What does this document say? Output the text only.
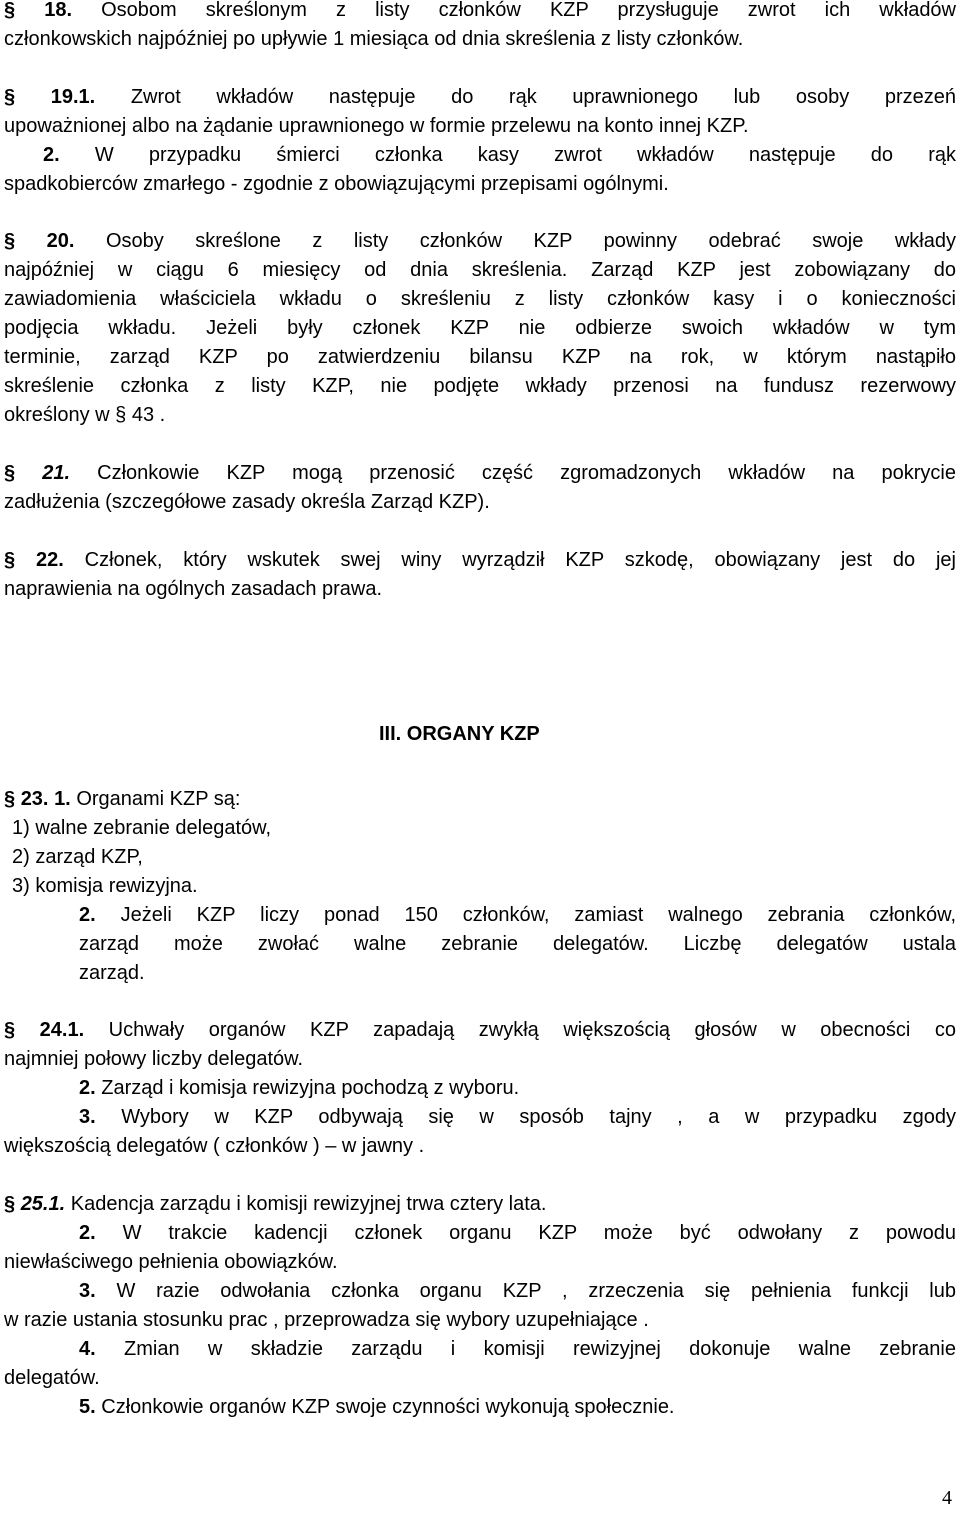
§ 18. Osobom skreślonym z listy członków KZP przysługuje zwrot ich wkładów
członkowskich najpóźniej po upływie 1 miesiąca od dnia skreślenia z listy członków.
§ 19.1. Zwrot wkładów następuje do rąk uprawnionego lub osoby przezeń
upoważnionej albo na żądanie uprawnionego w formie przelewu na konto innej KZP.
2. W przypadku śmierci członka kasy zwrot wkładów następuje do rąk
spadkobierców zmarłego - zgodnie z obowiązującymi przepisami ogólnymi.
§ 20. Osoby skreślone z listy członków KZP powinny odebrać swoje wkłady
najpóźniej w ciągu 6 miesięcy od dnia skreślenia. Zarząd KZP jest zobowiązany do
zawiadomienia właściciela wkładu o skreśleniu z listy członków kasy i o konieczności
podjęcia wkładu. Jeżeli były członek KZP nie odbierze swoich wkładów w tym
terminie, zarząd KZP po zatwierdzeniu bilansu KZP na rok, w którym nastąpiło
skreślenie członka z listy KZP, nie podjęte wkłady przenosi na fundusz rezerwowy
określony w § 43 .
§ 21. Członkowie KZP mogą przenosić część zgromadzonych wkładów na pokrycie
zadłużenia (szczegółowe zasady określa Zarząd KZP).
§ 22. Członek, który wskutek swej winy wyrządził KZP szkodę, obowiązany jest do jej
naprawienia na ogólnych zasadach prawa.
III. ORGANY KZP
§ 23. 1. Organami KZP są:
1) walne zebranie delegatów,
2) zarząd KZP,
3) komisja rewizyjna.
2. Jeżeli KZP liczy ponad 150 członków, zamiast walnego zebrania członków,
zarząd może zwołać walne zebranie delegatów. Liczbę delegatów ustala
zarząd.
§ 24.1. Uchwały organów KZP zapadają zwykłą większością głosów w obecności co
najmniej połowy liczby delegatów.
2. Zarząd i komisja rewizyjna pochodzą z wyboru.
3. Wybory w KZP odbywają się w sposób tajny , a w przypadku zgody
większością delegatów ( członków ) – w jawny .
§ 25.1. Kadencja zarządu i komisji rewizyjnej trwa cztery lata.
2. W trakcie kadencji członek organu KZP może być odwołany z powodu
niewłaściwego pełnienia obowiązków.
3. W razie odwołania członka organu KZP , zrzeczenia się pełnienia funkcji lub
w razie ustania stosunku prac , przeprowadza się wybory uzupełniające .
4. Zmian w składzie zarządu i komisji rewizyjnej dokonuje walne zebranie
delegatów.
5. Członkowie organów KZP swoje czynności wykonują społecznie.
4
